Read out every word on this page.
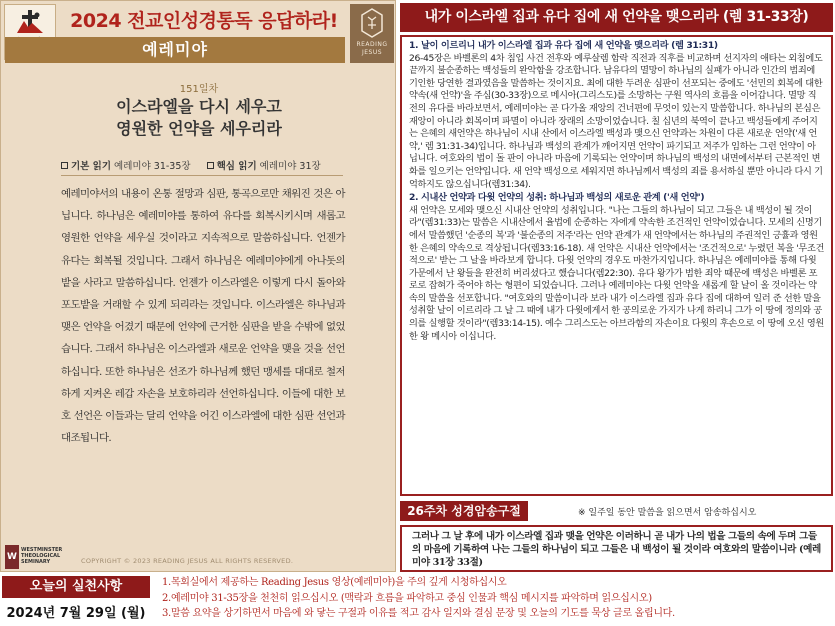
2024 전교인성경통독 응답하라!
예레미야	READING
JESUS
151일차
이스라엘을 다시 세우고
영원한 언약을 세우리라
기본 읽기 예레미야 31-35장	핵심 읽기 예레미야 31장
예레미야서의 내용이 온통 절망과 심판, 통곡으로만 채워진 것은 아닙니다. 하나님은 예레미야를 통하여 유다를 회복시키시며 새롭고 영원한 언약을 세우실 것이라고 지속적으로 말씀하십니다. 언젠가 유다는 회복될 것입니다. 그래서 하나님은 예레미야에게 아나돗의 밭을 사라고 말씀하십니다. 언젠가 이스라엘은 이렇게 다시 돌아와 포도밭을 거래할 수 있게 되리라는 것입니다. 이스라엘은 하나님과 맺은 언약을 어겼기 때문에 언약에 근거한 심판을 받을 수밖에 없었습니다. 그래서 하나님은 이스라엘과 새로운 언약을 맺을 것을 선언하십니다. 또한 하나님은 선조가 하나님께 했던 맹세를 대대로 철저하게 지켜온 레갑 자손을 보호하리라 선언하십니다. 이들에 대한 보호 선언은 이들과는 달리 언약을 어긴 이스라엘에 대한 심판 선언과 대조됩니다.
W
WESTMINSTER THEOLOGICAL SEMINARY	COPYRIGHT © 2023 READING JESUS ALL RIGHTS RESERVED.
내가 이스라엘 집과 유다 집에 새 언약을 맺으리라 (렘 31-33장)

1. 날이 이르리니 내가 이스라엘 집과 유다 집에 새 언약을 맺으리라 (렘 31:31)
26-45장은 바벨론의 4차 침입 사건 전후와 예루살렘 함락 직전과 직후를 비교하며 선지자의 애타는 외침에도 끝까지 불순종하는 백성들의 완악함을 강조합니다. 남유다의 멸망이 하나님의 실패가 아니라 인간의 범죄에 기인한 당연한 결과였음을 말씀하는 것이지요. 최에 대한 두려운 심판이 선포되는 중에도 '선민의 회복에 대한 약속(새 언약)'을 주심(30-33장)으로 메시아(그리스도)를 소망하는 구원 역사의 흐름을 이어갑니다. 멸망 직전의 유다를 바라보면서, 예레미야는 곧 다가올 재앙의 건너편에 무엇이 있는지 말씀합니다. 하나님의 본심은 재앙이 아니라 회복이며 파멸이 아니라 장래의 소망이었습니다. 칠 십년의 북역이 끝나고 백성들에게 주어지는 은혜의 새언약은 하나님이 시내 산에서 이스라엘 백성과 맺으신 언약과는 차원이 다른 새로운 언약('새 언약,' 렘 31:31-34)입니다. 하나님과 백성의 관계가 깨어지면 언약이 파기되고 저주가 임하는 그런 언약이 아닙니다. 여호와의 법이 돌 판이 아니라 마음에 기록되는 언약이며 하나님의 백성의 내면에서부터 근본적인 변화를 일으키는 언약입니다. 새 언약 백성으로 세워지면 하나님께서 백성의 죄를 용서하실 뿐만 아니라 다시 기억하지도 않으십니다(렘31:34).

2. 시내산 언약과 다윗 언약의 성취: 하나님과 백성의 새로운 관계 ('새 언약')
새 언약은 모세와 맺으신 시내산 언약의 성취입니다. "나는 그들의 하나님이 되고 그들은 내 백성이 될 것이라"(렘31:33)는 말씀은 시내산에서 율법에 순종하는 자에게 약속한 조건적인 언약이었습니다. 모세의 신명기에서 말씀했던 '순종의 복'과 '불순종의 저주'라는 언약 관계가 새 언약에서는 하나님의 주권적인 긍휼과 영원한 은혜의 약속으로 격상됩니다(렘33:16-18). 새 언약은 시내산 언약에서는 '조건적으로' 누렸던 복을 '무조건적으로' 받는 그 날을 바라보게 합니다. 다윗 언약의 경우도 마찬가지입니다. 하나님은 예레미야를 통해 다윗 가문에서 난 왕들을 완전히 버리셨다고 했습니다(렘22:30). 유다 왕가가 범한 죄악 때문에 백성은 바벨론 포로로 잡혀가 죽어야 하는 형편이 되었습니다. 그러나 예레미야는 다윗 언약을 새롭게 할 날이 올 것이라는 약속의 말씀을 선포합니다. "여호와의 말씀이니라 보라 내가 이스라엘 집과 유다 집에 대하여 일러 준 선한 말을 성취할 날이 이르리라 그 날 그 때에 내가 다윗에게서 한 공의로운 가지가 나게 하리니 그가 이 땅에 정의와 공의를 실행할 것이라"(렘33:14-15). 예수 그리스도는 아브라함의 자손이요 다윗의 후손으로 이 땅에 오신 영원한 왕 메시아 이십니다.

26주차 성경암송구절	※ 일주일 동안 말씀을 읽으면서 암송하십시오
그러나 그 날 후에 내가 이스라엘 집과 맺을 언약은 이러하니 곧 내가 나의 법을 그들의 속에 두며 그들의 마음에 기록하여 나는 그들의 하나님이 되고 그들은 내 백성이 될 것이라 여호와의 말씀이니라 (예레미야 31장 33절)
오늘의 실천사항
2024년 7월 29일 (월)
1.목회실에서 제공하는 Reading Jesus 영상(예레미야)을 주의 깊게 시청하십시오
2.예레미야 31-35장을 천천히 읽으십시오 (맥락과 흐름을 파악하고 중심 인물과 핵심 메시지를 파악하며 읽으십시오)
3.말씀 요약을 상기하면서 마음에 와 닿는 구절과 이유를 적고 감사 일지와 결심 문장 및 오늘의 기도를 묵상 글로 올립니다.
